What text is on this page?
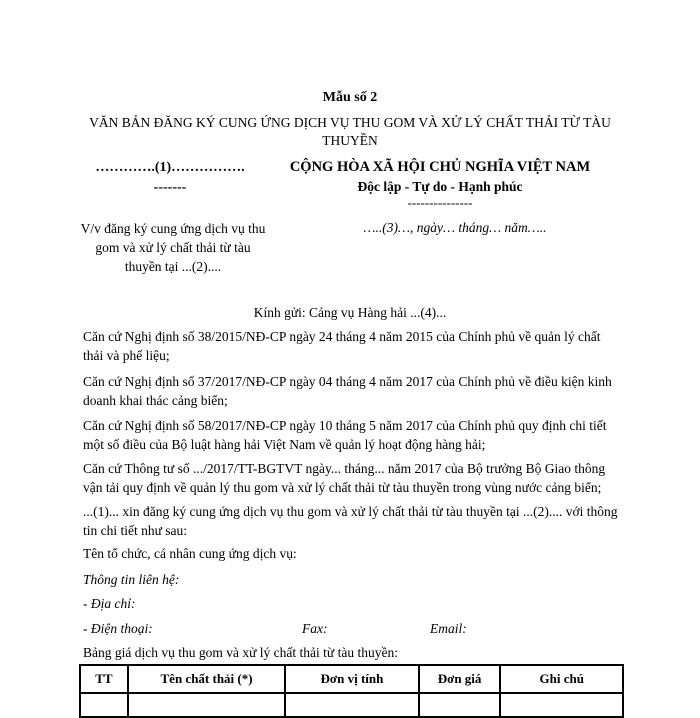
Mẫu số 2
VĂN BẢN ĐĂNG KÝ CUNG ỨNG DỊCH VỤ THU GOM VÀ XỬ LÝ CHẤT THẢI TỪ TÀU THUYỀN
………….(1)…………….
-------
CỘNG HÒA XÃ HỘI CHỦ NGHĨA VIỆT NAM
Độc lập - Tự do - Hạnh phúc
---------------
V/v đăng ký cung ứng dịch vụ thu gom và xử lý chất thải từ tàu thuyền tại ...(2)....
…..(3)…, ngày… tháng… năm…..
Kính gửi: Cảng vụ Hàng hải ...(4)...
Căn cứ Nghị định số 38/2015/NĐ-CP ngày 24 tháng 4 năm 2015 của Chính phủ về quản lý chất thải và phế liệu;
Căn cứ Nghị định số 37/2017/NĐ-CP ngày 04 tháng 4 năm 2017 của Chính phủ về điều kiện kinh doanh khai thác cảng biển;
Căn cứ Nghị định số 58/2017/NĐ-CP ngày 10 tháng 5 năm 2017 của Chính phủ quy định chi tiết một số điều của Bộ luật hàng hải Việt Nam về quản lý hoạt động hàng hải;
Căn cứ Thông tư số .../2017/TT-BGTVT ngày... tháng... năm 2017 của Bộ trưởng Bộ Giao thông vận tải quy định về quản lý thu gom và xử lý chất thải từ tàu thuyền trong vùng nước cảng biển;
...(1)... xin đăng ký cung ứng dịch vụ thu gom và xử lý chất thải từ tàu thuyền tại ...(2).... với thông tin chi tiết như sau:
Tên tổ chức, cá nhân cung ứng dịch vụ:
Thông tin liên hệ:
- Địa chỉ:
- Điện thoại:	Fax:	Email:
Bảng giá dịch vụ thu gom và xử lý chất thải từ tàu thuyền:
TT	Tên chất thải (*)	Đơn vị tính	Đơn giá	Ghi chú
